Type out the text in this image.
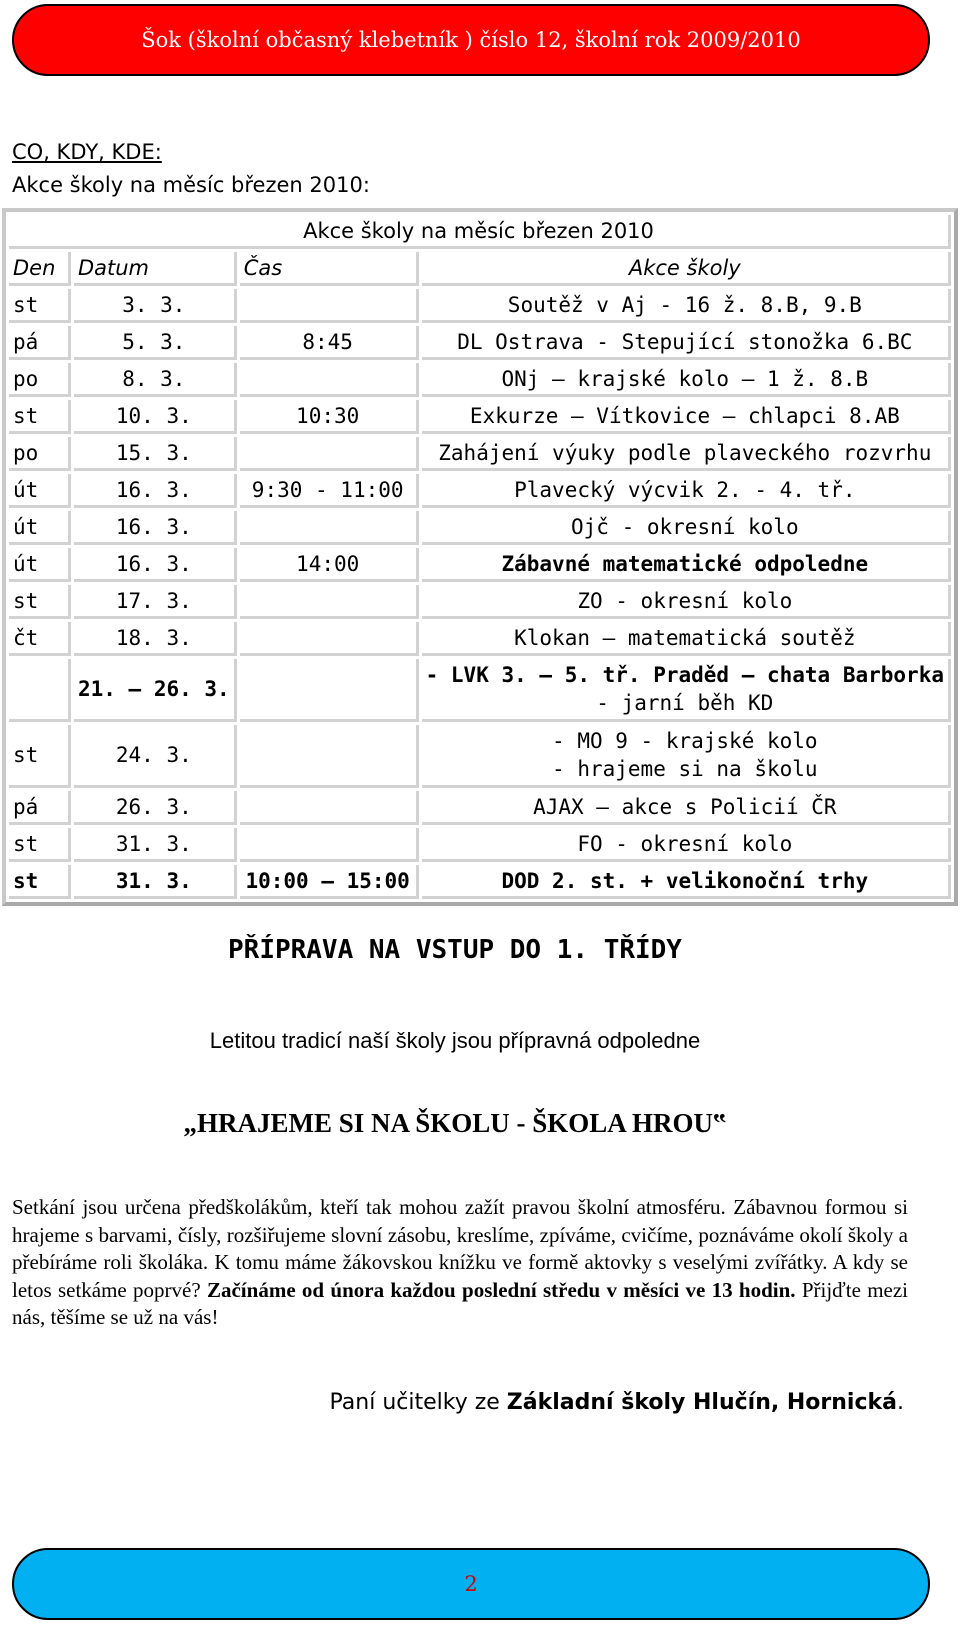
Šok (školní občasný klebetník ) číslo 12, školní rok 2009/2010
CO, KDY, KDE:
Akce školy na měsíc březen 2010:
Akce školy na měsíc březen 2010			
Den	Datum	Čas	Akce školy
st	3. 3.		Soutěž v Aj - 16 ž. 8.B, 9.B

pá	5. 3.	8:45	DL Ostrava - Stepující stonožka 6.BC

po	8. 3.		ONj – krajské kolo – 1 ž. 8.B

st	10. 3.	10:30	Exkurze – Vítkovice – chlapci 8.AB

po	15. 3.		Zahájení výuky podle plaveckého rozvrhu

út	16. 3.	9:30 - 11:00	Plavecký výcvik 2. - 4. tř.

út	16. 3.		Ojč - okresní kolo

út	16. 3.	14:00	Zábavné matematické odpoledne

st	17. 3.		ZO - okresní kolo

čt	18. 3.		Klokan – matematická soutěž

	21. – 26. 3.		- LVK 3. – 5. tř. Praděd – chata Barborka
- jarní běh KD

st	24. 3.		- MO 9 - krajské kolo
- hrajeme si na školu

pá	26. 3.		AJAX – akce s Policií ČR

st	31. 3.		FO - okresní kolo

st	31. 3.	10:00 – 15:00	DOD 2. st. + velikonoční trhy
PŘÍPRAVA NA VSTUP DO 1. TŘÍDY
Letitou tradicí naší školy jsou přípravná odpoledne
„HRAJEME SI NA ŠKOLU - ŠKOLA HROU‟
Setkání jsou určena předškolákům, kteří tak mohou zažít pravou školní atmosféru. Zábavnou formou si hrajeme s barvami, čísly, rozšiřujeme slovní zásobu, kreslíme, zpíváme, cvičíme, poznáváme okolí školy a přebíráme roli školáka. K tomu máme žákovskou knížku ve formě aktovky s veselými zvířátky. A kdy se letos setkáme poprvé? Začínáme od února každou poslední středu v měsíci ve 13 hodin. Přijďte mezi nás, těšíme se už na vás!
Paní učitelky ze Základní školy Hlučín, Hornická.
2
